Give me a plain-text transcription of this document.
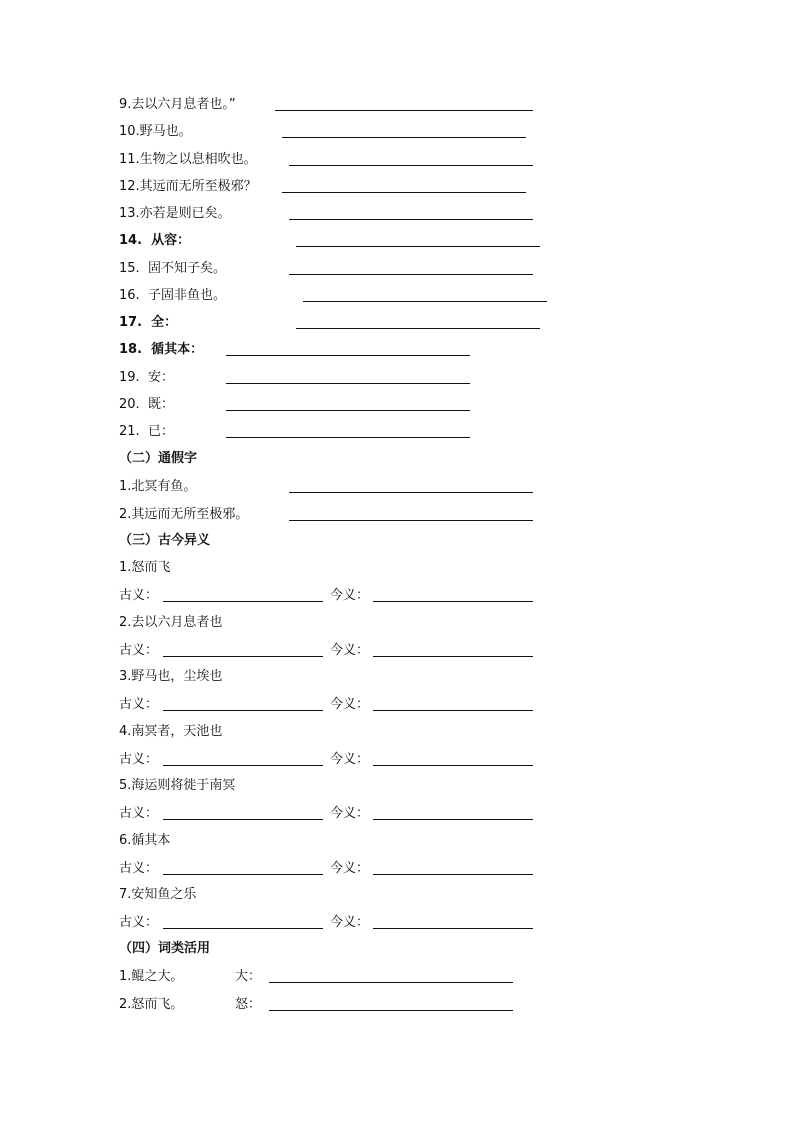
9.去以六月息者也。”
10.野马也。
11.生物之以息相吹也。
12.其远而无所至极邪？
13.亦若是则已矣。
14.  从容：
15.  固不知子矣。
16.  子固非鱼也。
17.  全：
18.  循其本：
19.  安：
20.  既：
21.  已：
（二）通假字
1.北冥有鱼。
2.其远而无所至极邪。
（三）古今异义
1.怒而飞
古义：	今义：
2.去以六月息者也
古义：	今义：
3.野马也，尘埃也
古义：	今义：
4.南冥者，天池也
古义：	今义：
5.海运则将徙于南冥
古义：	今义：
6.循其本
古义：	今义：
7.安知鱼之乐
古义：	今义：
（四）词类活用
1.鲲之大。	大：
2.怒而飞。	怒：
